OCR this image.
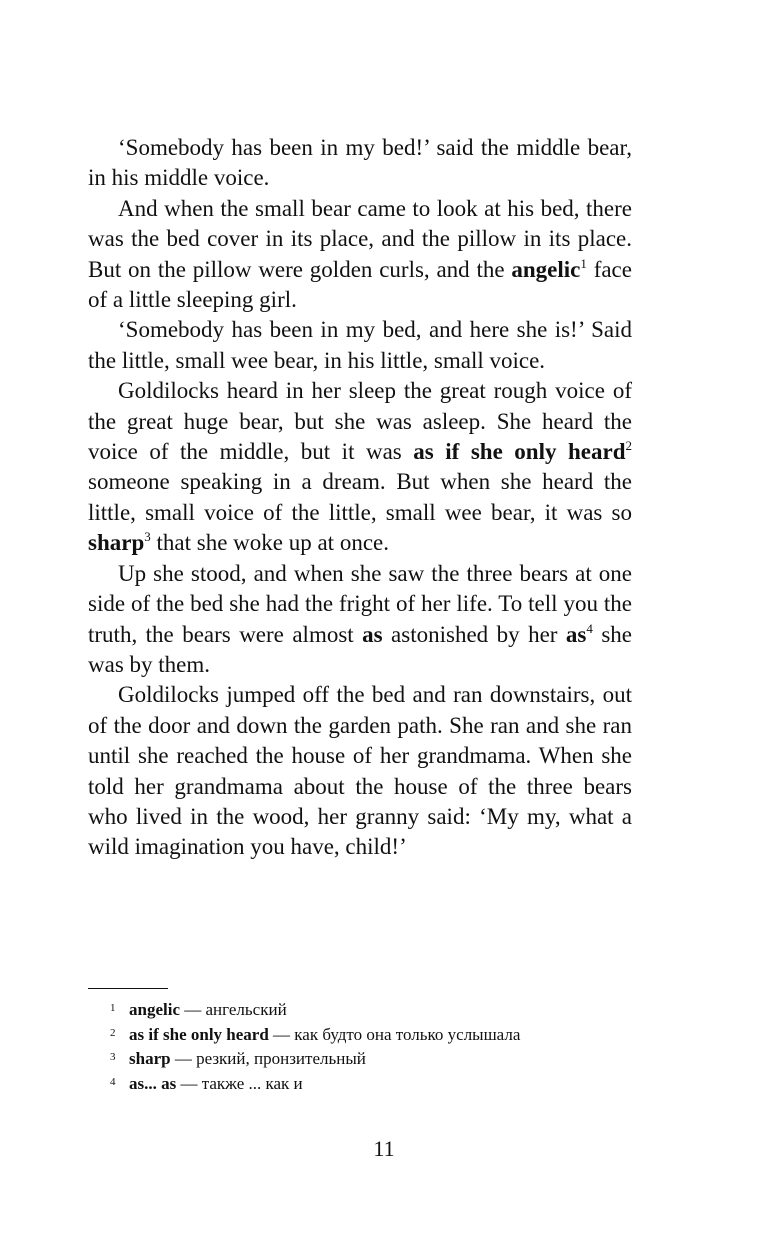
‘Somebody has been in my bed!’ said the middle bear, in his middle voice.

And when the small bear came to look at his bed, there was the bed cover in its place, and the pillow in its place. But on the pillow were golden curls, and the angelic$^1$ face of a little sleeping girl.

‘Somebody has been in my bed, and here she is!’ Said the little, small wee bear, in his little, small voice.

Goldilocks heard in her sleep the great rough voice of the great huge bear, but she was asleep. She heard the voice of the middle, but it was as if she only heard$^2$ someone speaking in a dream. But when she heard the little, small voice of the little, small wee bear, it was so sharp$^3$ that she woke up at once.

Up she stood, and when she saw the three bears at one side of the bed she had the fright of her life. To tell you the truth, the bears were almost as astonished by her $as^4$ she was by them.

Goldilocks jumped off the bed and ran downstairs, out of the door and down the garden path. She ran and she ran until she reached the house of her grandmama. When she told her grandmama about the house of the three bears who lived in the wood, her granny said: ‘My my, what a wild imagination you have, child!’

1 angelic — ангельский
2 as if she only heard — как будто она только услышала
3 sharp — резкий, пронзительный
4 as... as — также ... как и
11
